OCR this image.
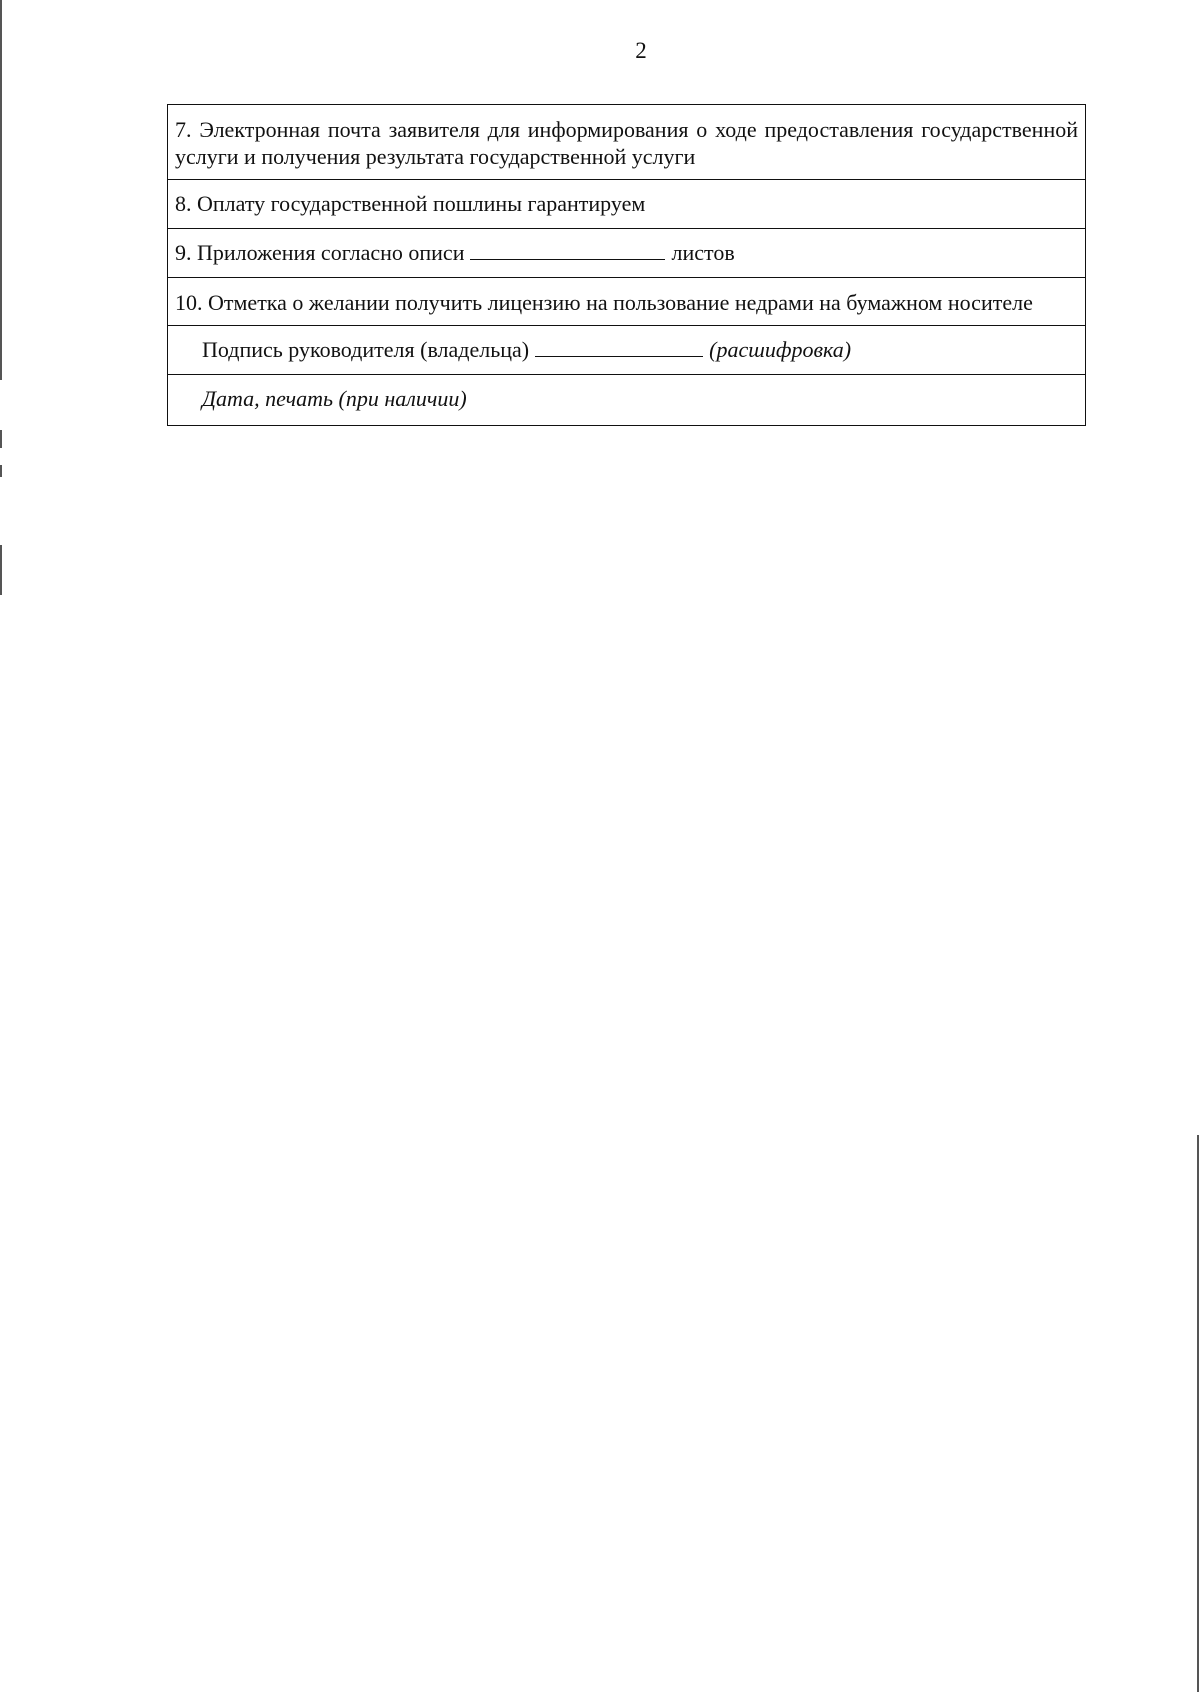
2
7. Электронная почта заявителя для информирования о ходе предоставления государственной услуги и получения результата государственной услуги
8. Оплату государственной пошлины гарантируем
9. Приложения согласно описи	листов
10. Отметка о желании получить лицензию на пользование недрами на бумажном носителе
Подпись руководителя (владельца)	(расшифровка)
Дата, печать (при наличии)
